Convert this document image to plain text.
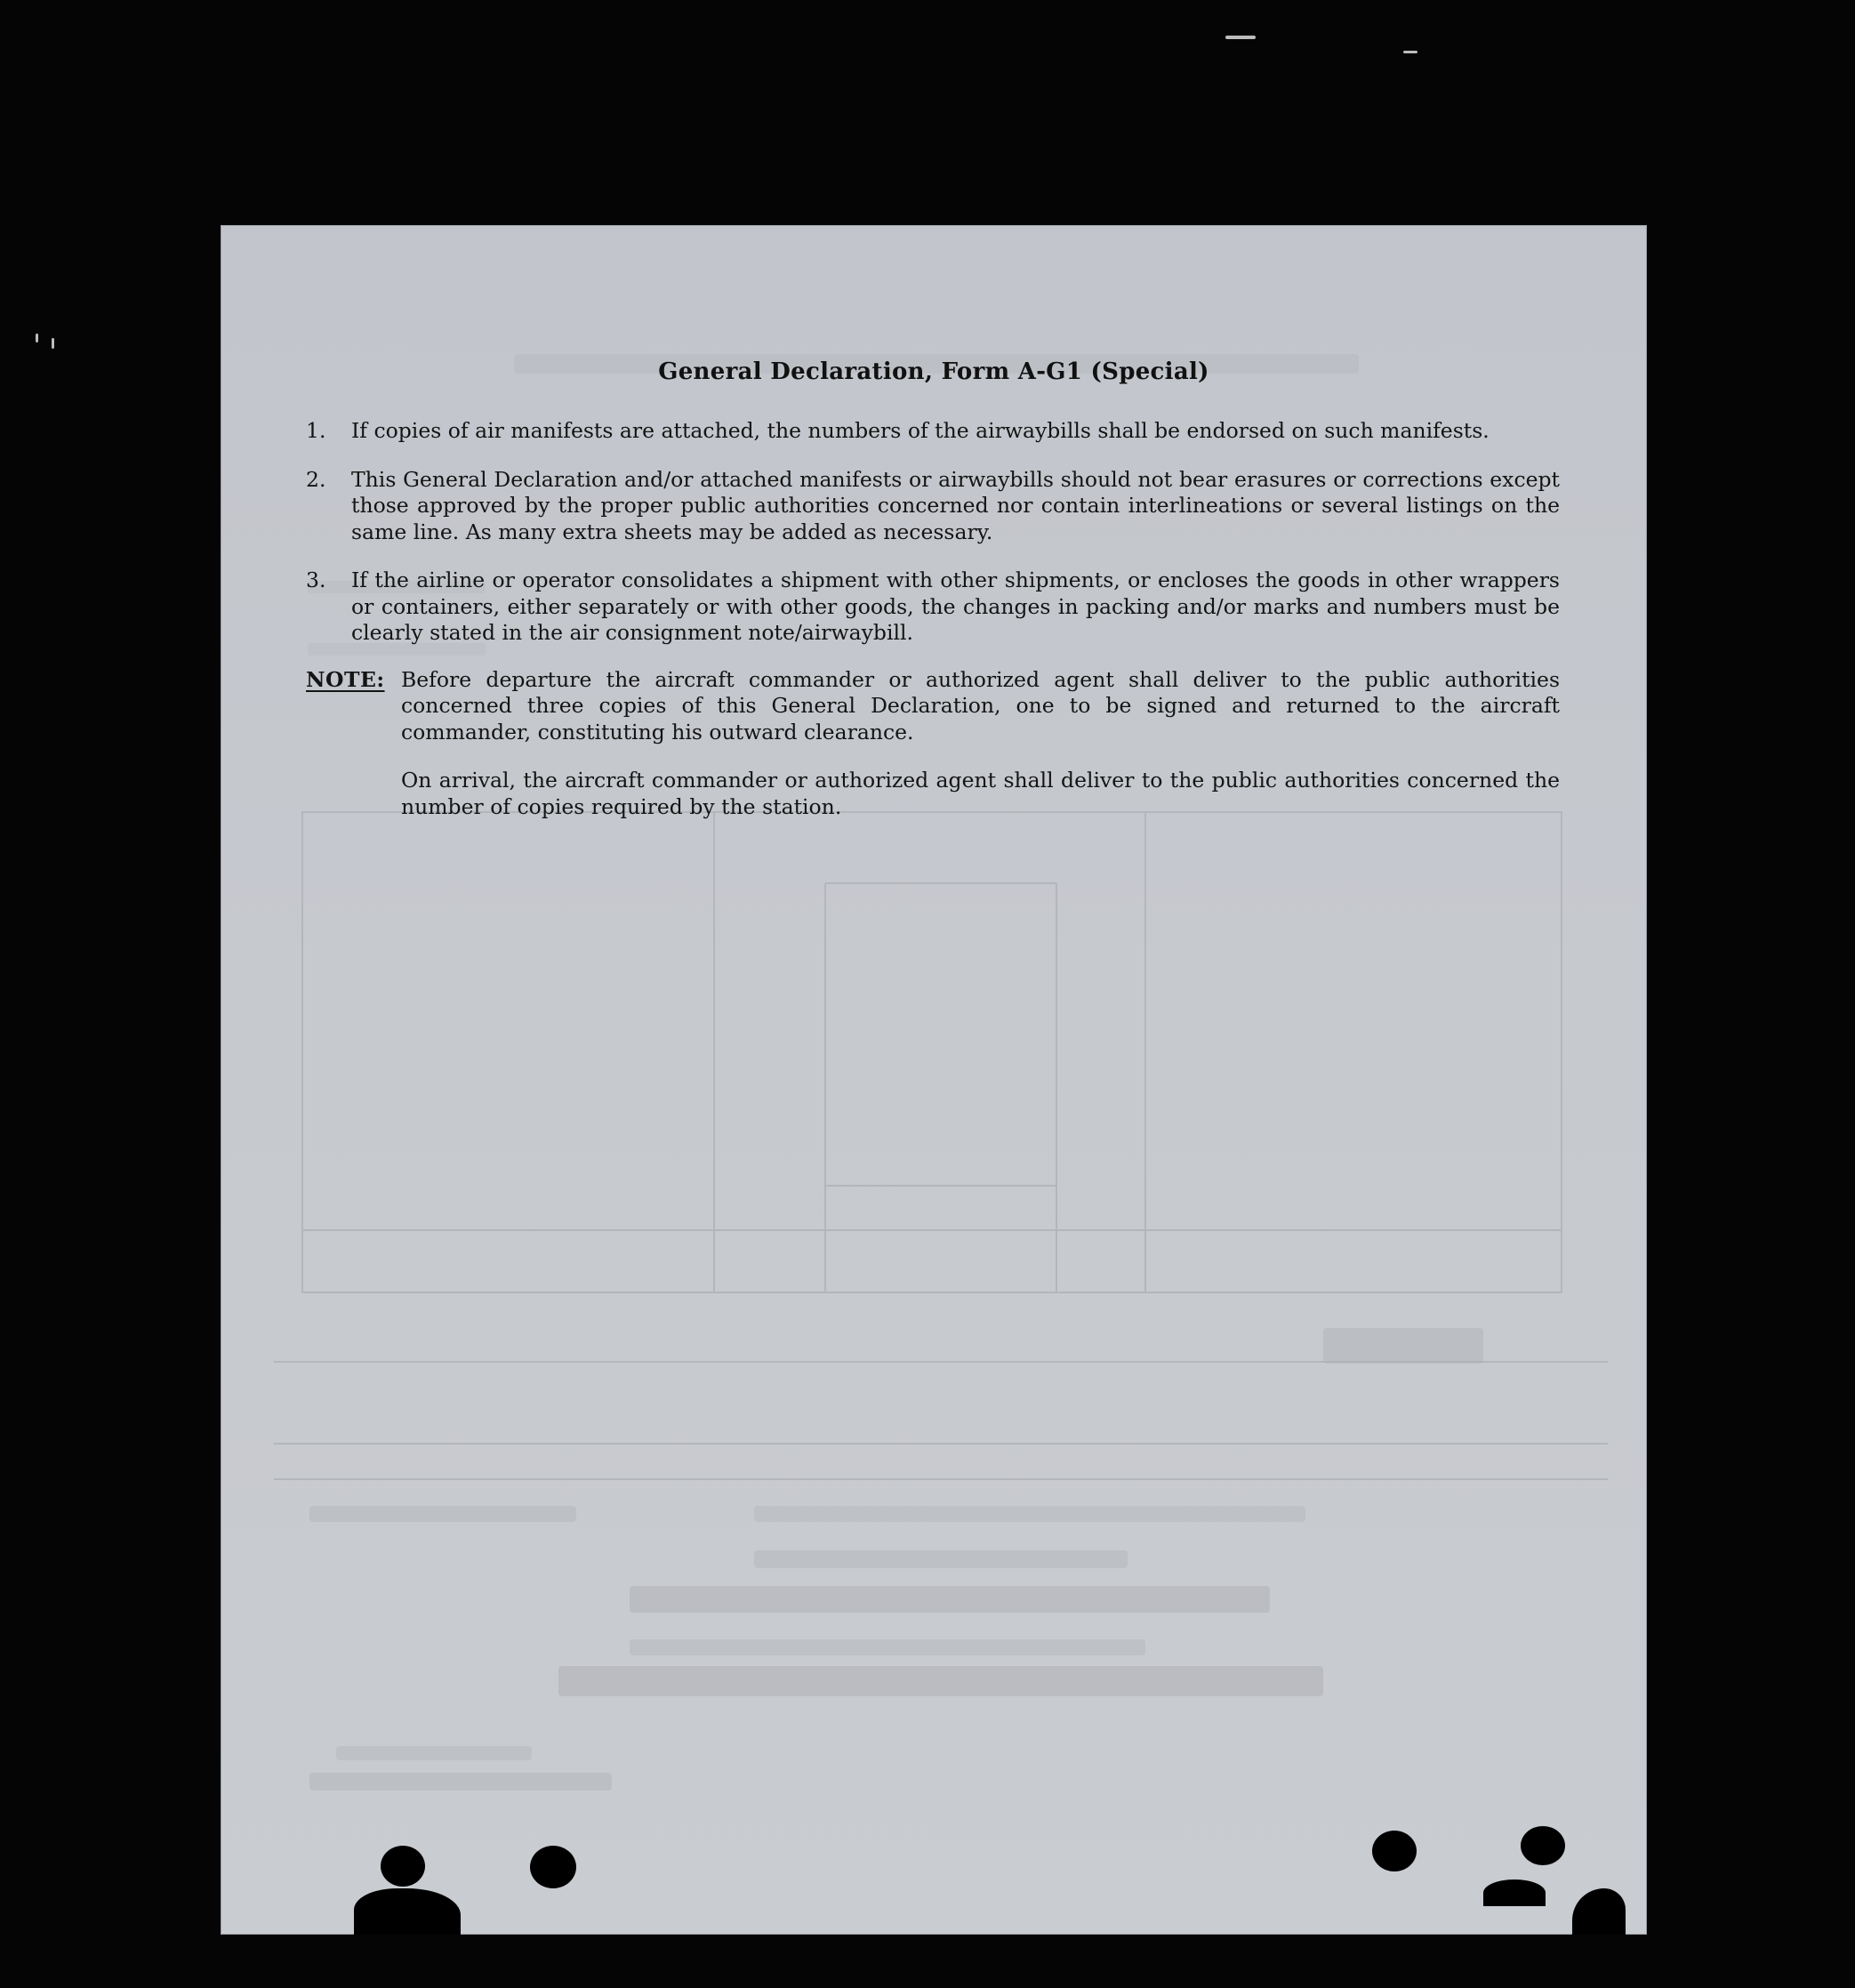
General Declaration, Form A-G1 (Special)
1.	If copies of air manifests are attached, the numbers of the airwaybills shall be endorsed on such manifests.
2.	This General Declaration and/or attached manifests or airwaybills should not bear erasures or corrections except those approved by the proper public authorities concerned nor contain interlineations or several listings on the same line. As many extra sheets may be added as necessary.
3.	If the airline or operator consolidates a shipment with other shipments, or encloses the goods in other wrappers or containers, either separately or with other goods, the changes in packing and/or marks and numbers must be clearly stated in the air consignment note/airwaybill.
NOTE: Before departure the aircraft commander or authorized agent shall deliver to the public authorities concerned three copies of this General Declaration, one to be signed and returned to the aircraft commander, constituting his outward clearance.

On arrival, the aircraft commander or authorized agent shall deliver to the public authorities concerned the number of copies required by the station.
